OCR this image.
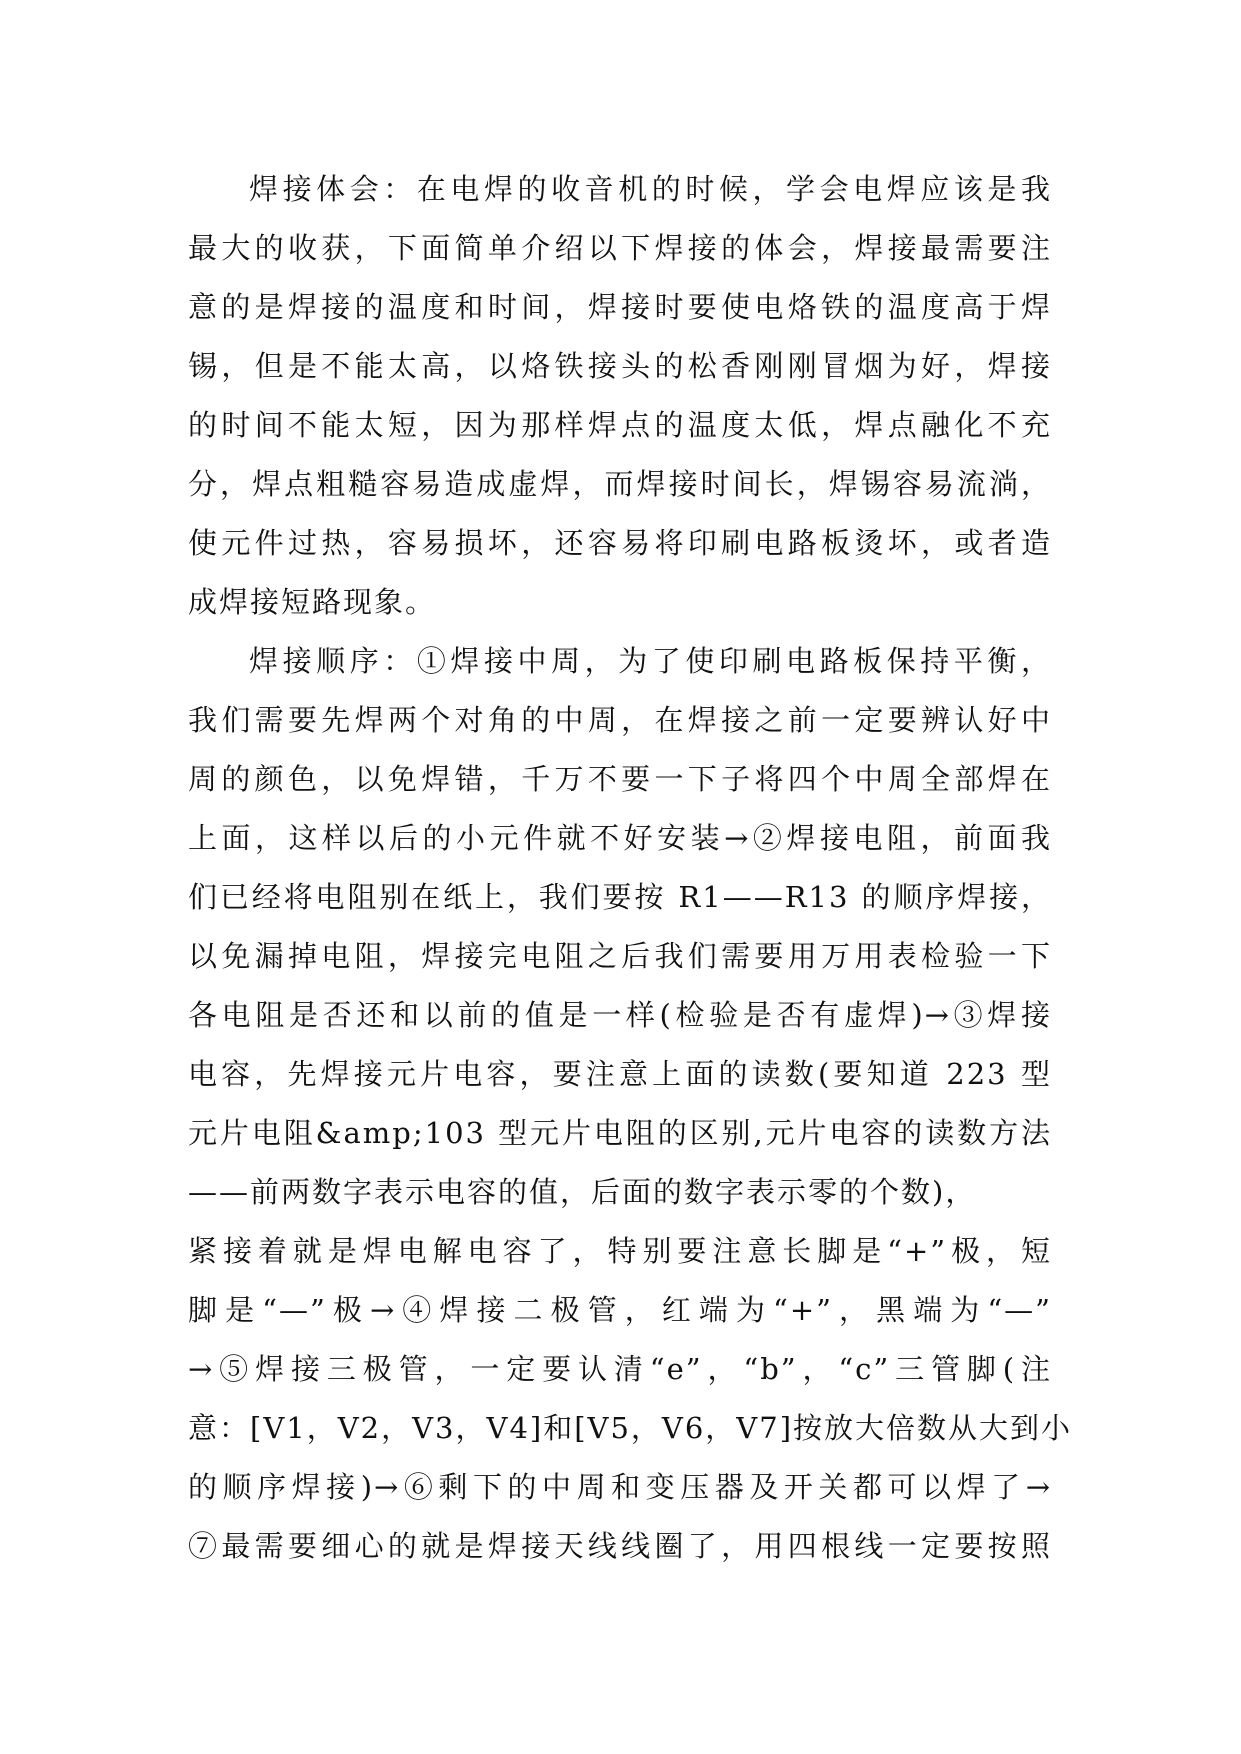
焊接体会：在电焊的收音机的时候，学会电焊应该是我
最大的收获，下面简单介绍以下焊接的体会，焊接最需要注
意的是焊接的温度和时间，焊接时要使电烙铁的温度高于焊
锡，但是不能太高，以烙铁接头的松香刚刚冒烟为好，焊接
的时间不能太短，因为那样焊点的温度太低，焊点融化不充
分，焊点粗糙容易造成虚焊，而焊接时间长，焊锡容易流淌，
使元件过热，容易损坏，还容易将印刷电路板烫坏，或者造
成焊接短路现象。
焊接顺序：①焊接中周，为了使印刷电路板保持平衡，
我们需要先焊两个对角的中周，在焊接之前一定要辨认好中
周的颜色，以免焊错，千万不要一下子将四个中周全部焊在
上面，这样以后的小元件就不好安装→②焊接电阻，前面我
们已经将电阻别在纸上，我们要按 R1——R13 的顺序焊接，
以免漏掉电阻，焊接完电阻之后我们需要用万用表检验一下
各电阻是否还和以前的值是一样(检验是否有虚焊)→③焊接
电容，先焊接元片电容，要注意上面的读数(要知道 223 型
元片电阻&amp;103 型元片电阻的区别,元片电容的读数方法
——前两数字表示电容的值，后面的数字表示零的个数)，
紧接着就是焊电解电容了，特别要注意长脚是“+”极，短
脚是“—”极→④焊接二极管，红端为“+”，黑端为“—”
→⑤焊接三极管，一定要认清“e”，“b”，“c”三管脚(注
意：[V1，V2，V3，V4]和[V5，V6，V7]按放大倍数从大到小
的顺序焊接)→⑥剩下的中周和变压器及开关都可以焊了→
⑦最需要细心的就是焊接天线线圈了，用四根线一定要按照
